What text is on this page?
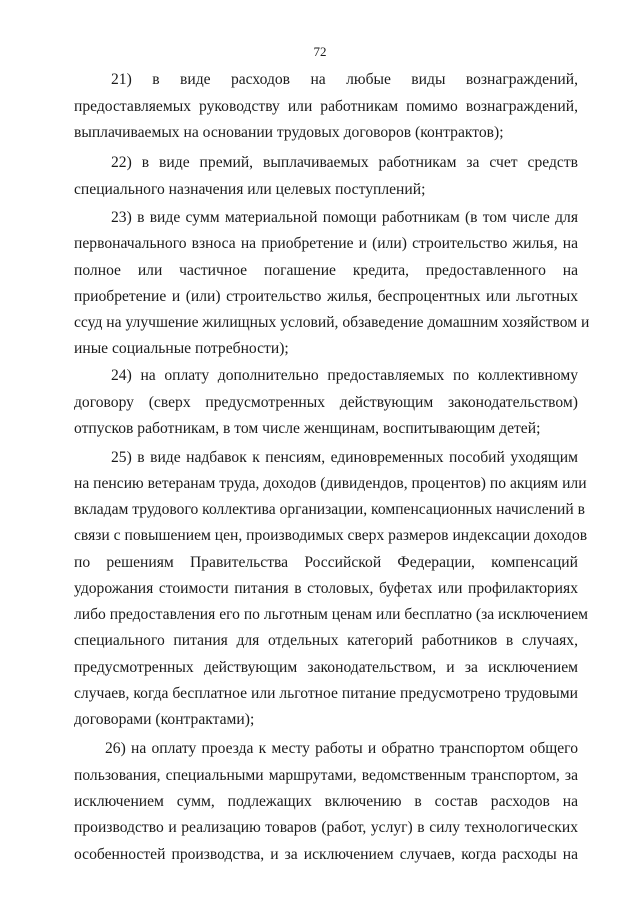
72
21) в виде расходов на любые виды вознаграждений,
предоставляемых руководству или работникам помимо вознаграждений,
выплачиваемых на основании трудовых договоров (контрактов);
22) в виде премий, выплачиваемых работникам за счет средств
специального назначения или целевых поступлений;
23) в виде сумм материальной помощи работникам (в том числе для
первоначального взноса на приобретение и (или) строительство жилья, на
полное или частичное погашение кредита, предоставленного на
приобретение и (или) строительство жилья, беспроцентных или льготных
ссуд на улучшение жилищных условий, обзаведение домашним хозяйством и
иные социальные потребности);
24) на оплату дополнительно предоставляемых по коллективному
договору (сверх предусмотренных действующим законодательством)
отпусков работникам, в том числе женщинам, воспитывающим детей;
25) в виде надбавок к пенсиям, единовременных пособий уходящим
на пенсию ветеранам труда, доходов (дивидендов, процентов) по акциям или
вкладам трудового коллектива организации, компенсационных начислений в
связи с повышением цен, производимых сверх размеров индексации доходов
по решениям Правительства Российской Федерации, компенсаций
удорожания стоимости питания в столовых, буфетах или профилакториях
либо предоставления его по льготным ценам или бесплатно (за исключением
специального питания для отдельных категорий работников в случаях,
предусмотренных действующим законодательством, и за исключением
случаев, когда бесплатное или льготное питание предусмотрено трудовыми
договорами (контрактами);
26) на оплату проезда к месту работы и обратно транспортом общего
пользования, специальными маршрутами, ведомственным транспортом, за
исключением сумм, подлежащих включению в состав расходов на
производство и реализацию товаров (работ, услуг) в силу технологических
особенностей производства, и за исключением случаев, когда расходы на
